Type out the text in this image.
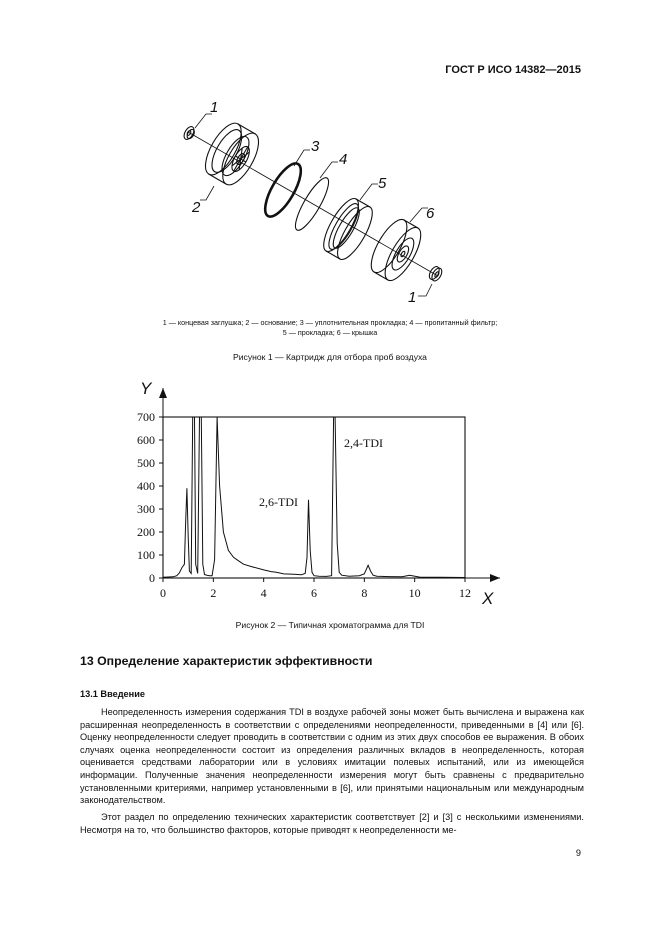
ГОСТ Р ИСО 14382—2015
1
2
3
4
5
6
1
1 — концевая заглушка; 2 — основание; 3 — уплотнительная прокладка; 4 — пропитанный фильтр;
5 — прокладка; 6 — крышка
Рисунок 1 — Картридж для отбора проб воздуха
0
100
200
300
400
500
600
700
0	2	4	6	8	10	12 X
Y
2,6-TDI
2,4-TDI
Рисунок 2 — Типичная хроматограмма для TDI
13 Определение характеристик эффективности
13.1 Введение
Неопределенность измерения содержания TDI в воздухе рабочей зоны может быть вычислена и выражена как расширенная неопределенность в соответствии с определениями неопределенности, приведенными в [4] или [6]. Оценку неопределенности следует проводить в соответствии с одним из этих двух способов ее выражения. В обоих случаях оценка неопределенности состоит из определения различных вкладов в неопределенность, которая оценивается средствами лаборатории или в условиях имитации полевых испытаний, или из имеющейся информации. Полученные значения неопределенности измерения могут быть сравнены с предварительно установленными критериями, например установленными в [6], или принятыми национальным или международным законодательством.
Этот раздел по определению технических характеристик соответствует [2] и [3] с несколькими изменениями. Несмотря на то, что большинство факторов, которые приводят к неопределенности ме-
9
